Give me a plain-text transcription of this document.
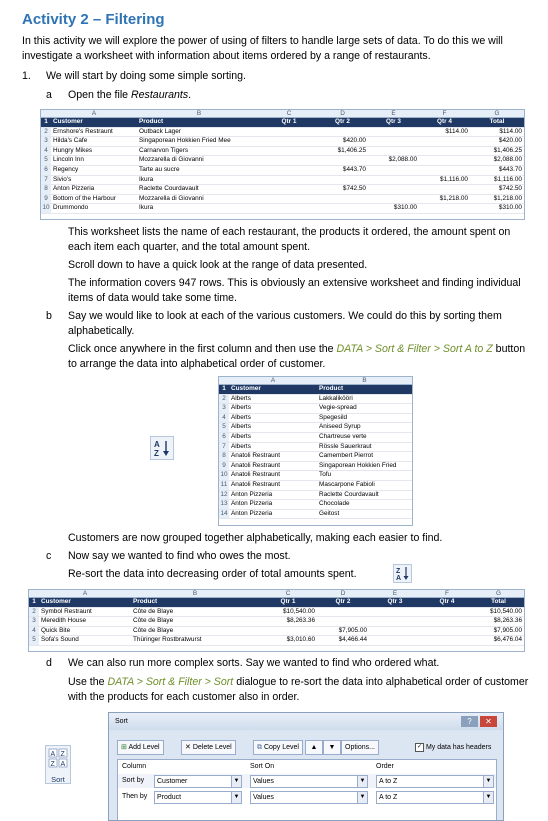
Activity 2 – Filtering
In this activity we will explore the power of using of filters to handle large sets of data. To do this we will investigate a worksheet with information about items ordered by a range of restaurants.
1. We will start by doing some simple sorting.
a Open the file Restaurants.
	A	B	C	D	E	F	G
1	Customer	Product	Qtr 1	Qtr 2	Qtr 3	Qtr 4	Total
2	Ernshore's Restraunt	Outback Lager				$114.00	$114.00
3	Hilda's Cafe	Singaporean Hokkien Fried Mee		$420.00			$420.00
4	Hungry Mikes	Carnarvon Tigers		$1,406.25			$1,406.25
5	Lincoln Inn	Mozzarella di Giovanni			$2,088.00		$2,088.00
6	Regency	Tarte au sucre		$443.70			$443.70
7	Sivio's	Ikura				$1,116.00	$1,116.00
8	Anton Pizzeria	Raclette Courdavault		$742.50			$742.50
9	Bottom of the Harbour	Mozzarella di Giovanni				$1,218.00	$1,218.00
10	Drummondo	Ikura			$310.00		$310.00
This worksheet lists the name of each restaurant, the products it ordered, the amount spent on each item each quarter, and the total amount spent.
Scroll down to have a quick look at the range of data presented.
The information covers 947 rows. This is obviously an extensive worksheet and finding individual items of data would take some time.
b Say we would like to look at each of the various customers. We could do this by sorting them alphabetically.
Click once anywhere in the first column and then use the DATA > Sort & Filter > Sort A to Z button to arrange the data into alphabetical order of customer.
A
Z
	A	B
1	Customer	Product
2	Alberts	Lakkalikööri
3	Alberts	Vegie-spread
4	Alberts	Spegesild
5	Alberts	Aniseed Syrup
6	Alberts	Chartreuse verte
7	Alberts	Rössle Sauerkraut
8	Anatoli Restraunt	Camembert Pierrot
9	Anatoli Restraunt	Singaporean Hokkien Fried
10	Anatoli Restraunt	Tofu
11	Anatoli Restraunt	Mascarpone Fabioli
12	Anton Pizzeria	Raclette Courdavault
13	Anton Pizzeria	Chocolade
14	Anton Pizzeria	Geitost
Customers are now grouped together alphabetically, making each easier to find.
c Now say we wanted to find who owes the most.
Re-sort the data into decreasing order of total amounts spent.	Z
A
	A	B	C	D	E	F	G
1	Customer	Product	Qtr 1	Qtr 2	Qtr 3	Qtr 4	Total
2	Symbol Restraunt	Côte de Blaye	$10,540.00				$10,540.00
3	Meredith House	Côte de Blaye	$8,263.36				$8,263.36
4	Quick Bite	Côte de Blaye		$7,905.00			$7,905.00
5	Sofa's Sound	Thüringer Rostbratwurst	$3,010.60	$4,466.44			$6,476.04
d We can also run more complex sorts. Say we wanted to find who ordered what.
Use the DATA > Sort & Filter > Sort dialogue to re-sort the data into alphabetical order of customer with the products for each customer also in order.
A Z
Z A
Sort
Sort	? ✕
⊞ Add Level	✕ Delete Level	⧉ Copy Level	▲	▼	Options...	✓ My data has headers
Column	Sort On	Order
Sort by	Customer	▼	Values	▼	A to Z	▼
Then by	Product	▼	Values	▼	A to Z	▼
